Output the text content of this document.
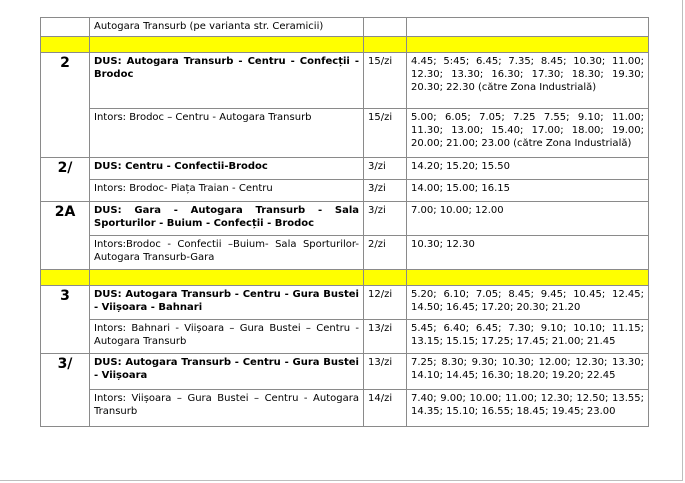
	Autogara Transurb (pe varianta str. Ceramicii)		

2	DUS: Autogara Transurb - Centru - Confecții - Brodoc	15/zi	4.45; 5:45; 6.45; 7.35; 8.45; 10.30; 11.00; 12.30; 13.30; 16.30; 17.30; 18.30; 19.30; 20.30; 22.30 (către Zona Industrială)
	Intors: Brodoc – Centru - Autogara Transurb	15/zi	5.00; 6.05; 7.05; 7.25 7.55; 9.10; 11.00; 11.30; 13.00; 15.40; 17.00; 18.00; 19.00; 20.00; 21.00; 23.00 (către Zona Industrială)
2/	DUS: Centru - Confectii-Brodoc	3/zi	14.20; 15.20; 15.50
	Intors: Brodoc- Piața Traian - Centru	3/zi	14.00; 15.00; 16.15
2A	DUS: Gara - Autogara Transurb - Sala Sporturilor - Buium - Confecții - Brodoc	3/zi	7.00; 10.00; 12.00
	Intors:Brodoc - Confectii –Buium- Sala Sporturilor-Autogara Transurb-Gara	2/zi	10.30; 12.30

3	DUS: Autogara Transurb - Centru - Gura Bustei - Viișoara - Bahnari	12/zi	5.20; 6.10; 7.05; 8.45; 9.45; 10.45; 12.45; 14.50; 16.45; 17.20; 20.30; 21.20
	Intors: Bahnari - Viișoara – Gura Bustei – Centru - Autogara Transurb	13/zi	5.45; 6.40; 6.45; 7.30; 9.10; 10.10; 11.15; 13.15; 15.15; 17.25; 17.45; 21.00; 21.45
3/	DUS: Autogara Transurb - Centru - Gura Bustei - Viișoara	13/zi	7.25; 8.30; 9.30; 10.30; 12.00; 12.30; 13.30; 14.10; 14.45; 16.30; 18.20; 19.20; 22.45
	Intors: Viișoara – Gura Bustei – Centru - Autogara Transurb	14/zi	7.40; 9.00; 10.00; 11.00; 12.30; 12.50; 13.55; 14.35; 15.10; 16.55; 18.45; 19.45; 23.00
